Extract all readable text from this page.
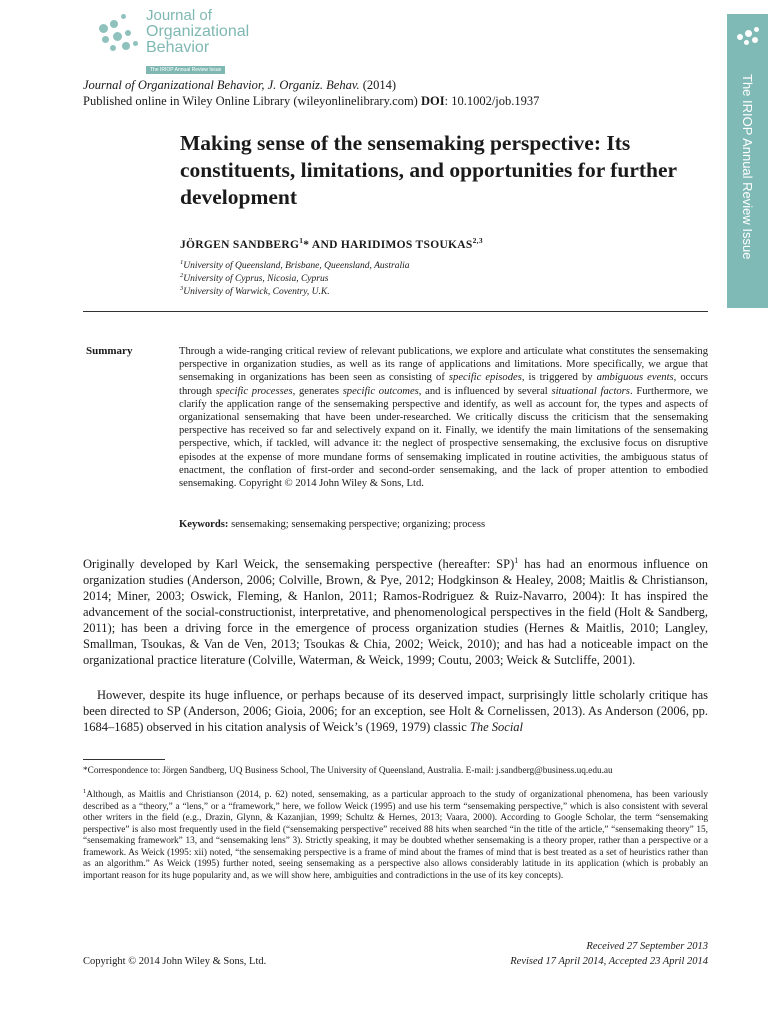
Journal of
Organizational
Behavior
The IRIOP Annual Review Issue
The IRIOP Annual Review Issue
Journal of Organizational Behavior, J. Organiz. Behav. (2014)
Published online in Wiley Online Library (wileyonlinelibrary.com) DOI: 10.1002/job.1937
Making sense of the sensemaking perspective: Its constituents, limitations, and opportunities for further development
JÖRGEN SANDBERG$^1$* AND HARIDIMOS TSOUKAS$^{2,3}$
$^1$University of Queensland, Brisbane, Queensland, Australia
$^2$University of Cyprus, Nicosia, Cyprus
$^3$University of Warwick, Coventry, U.K.
Summary	Through a wide-ranging critical review of relevant publications, we explore and articulate what constitutes the sensemaking perspective in organization studies, as well as its range of applications and limitations. More specifically, we argue that sensemaking in organizations has been seen as consisting of specific episodes, is triggered by ambiguous events, occurs through specific processes, generates specific outcomes, and is influenced by several situational factors. Furthermore, we clarify the application range of the sensemaking perspective and identify, as well as account for, the types and aspects of organizational sensemaking that have been under-researched. We critically discuss the criticism that the sensemaking perspective has received so far and selectively expand on it. Finally, we identify the main limitations of the sensemaking perspective, which, if tackled, will advance it: the neglect of prospective sensemaking, the exclusive focus on disruptive episodes at the expense of more mundane forms of sensemaking implicated in routine activities, the ambiguous status of enactment, the conflation of first-order and second-order sensemaking, and the lack of proper attention to embodied sensemaking. Copyright © 2014 John Wiley & Sons, Ltd.
Keywords: sensemaking; sensemaking perspective; organizing; process

Originally developed by Karl Weick, the sensemaking perspective (hereafter: SP)$^1$ has had an enormous influence on organization studies (Anderson, 2006; Colville, Brown, & Pye, 2012; Hodgkinson & Healey, 2008; Maitlis & Christianson, 2014; Miner, 2003; Oswick, Fleming, & Hanlon, 2011; Ramos-Rodriguez & Ruiz-Navarro, 2004): It has inspired the advancement of the social-constructionist, interpretative, and phenomenological perspectives in the field (Holt & Sandberg, 2011); has been a driving force in the emergence of process organization studies (Hernes & Maitlis, 2010; Langley, Smallman, Tsoukas, & Van de Ven, 2013; Tsoukas & Chia, 2002; Weick, 2010); and has had a noticeable impact on the organizational practice literature (Colville, Waterman, & Weick, 1999; Coutu, 2003; Weick & Sutcliffe, 2001).

However, despite its huge influence, or perhaps because of its deserved impact, surprisingly little scholarly critique has been directed to SP (Anderson, 2006; Gioia, 2006; for an exception, see Holt & Cornelissen, 2013). As Anderson (2006, pp. 1684–1685) observed in his citation analysis of Weick’s (1969, 1979) classic The Social

*Correspondence to: Jörgen Sandberg, UQ Business School, The University of Queensland, Australia. E-mail: j.sandberg@business.uq.edu.au

$^1$Although, as Maitlis and Christianson (2014, p. 62) noted, sensemaking, as a particular approach to the study of organizational phenomena, has been variously described as a “theory,” a “lens,” or a “framework,” here, we follow Weick (1995) and use his term “sensemaking perspective,” which is also consistent with several other writers in the field (e.g., Drazin, Glynn, & Kazanjian, 1999; Schultz & Hernes, 2013; Vaara, 2000). According to Google Scholar, the term “sensemaking perspective” is also most frequently used in the field (“sensemaking perspective” received 88 hits when searched “in the title of the article,” “sensemaking theory” 15, “sensemaking framework” 13, and “sensemaking lens” 3). Strictly speaking, it may be doubted whether sensemaking is a theory proper, rather than a perspective or a framework. As Weick (1995: xii) noted, “the sensemaking perspective is a frame of mind about the frames of mind that is best treated as a set of heuristics rather than as an algorithm.” As Weick (1995) further noted, seeing sensemaking as a perspective also allows considerably latitude in its application (which is probably an important reason for its huge popularity and, as we will show here, ambiguities and contradictions in the use of its key concepts).

Received 27 September 2013
Revised 17 April 2014, Accepted 23 April 2014
Copyright © 2014 John Wiley & Sons, Ltd.
